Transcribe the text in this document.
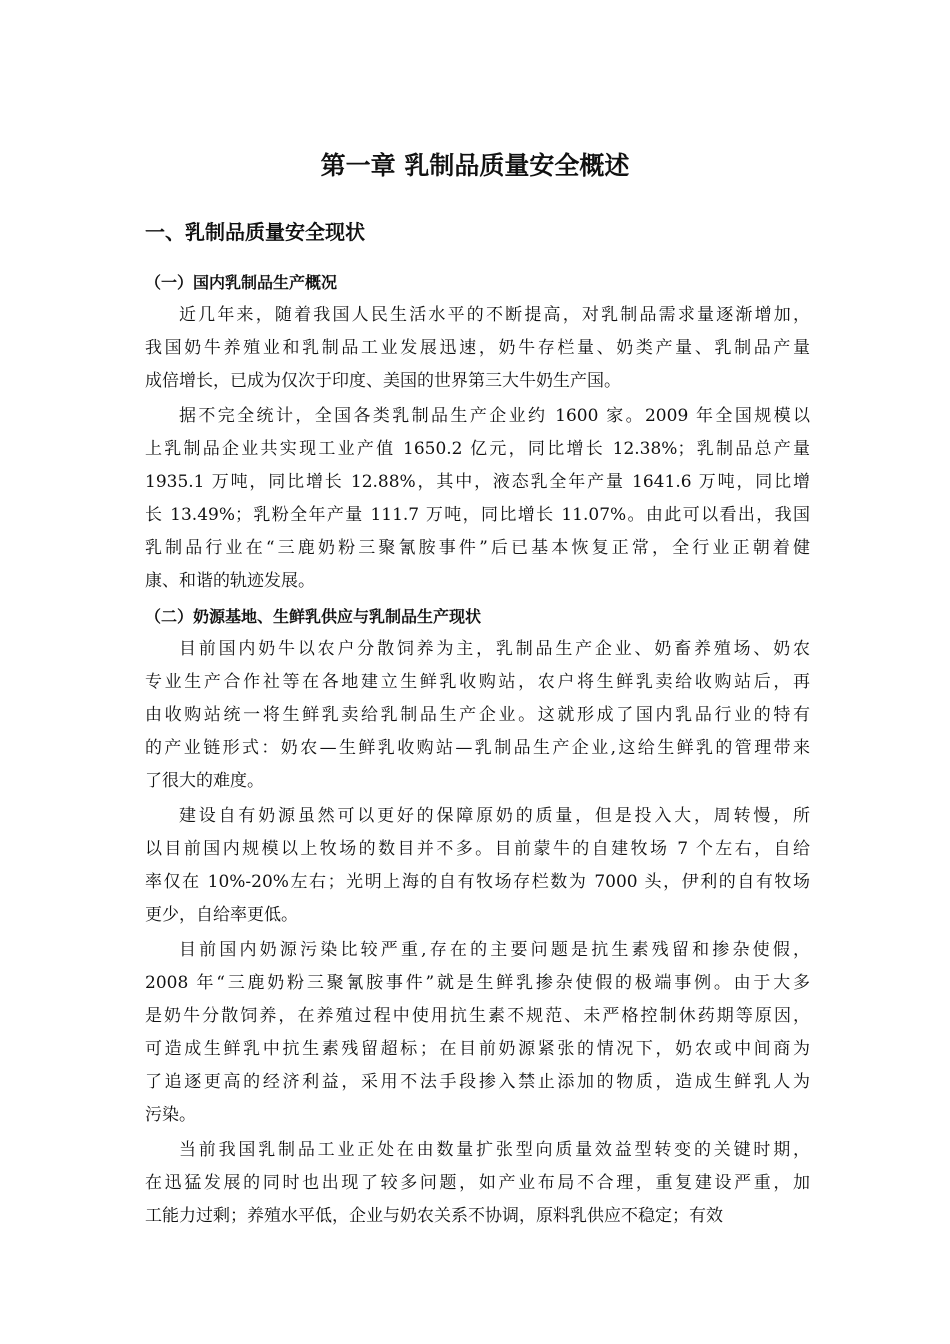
第一章 乳制品质量安全概述
一、乳制品质量安全现状
（一）国内乳制品生产概况

近几年来，随着我国人民生活水平的不断提高，对乳制品需求量逐渐增加，
我国奶牛养殖业和乳制品工业发展迅速，奶牛存栏量、奶类产量、乳制品产量
成倍增长，已成为仅次于印度、美国的世界第三大牛奶生产国。

据不完全统计，全国各类乳制品生产企业约 1600 家。2009 年全国规模以
上乳制品企业共实现工业产值 1650.2 亿元，同比增长 12.38%；乳制品总产量
1935.1 万吨，同比增长 12.88%，其中，液态乳全年产量 1641.6 万吨，同比增
长 13.49%；乳粉全年产量 111.7 万吨，同比增长 11.07%。由此可以看出，我国
乳制品行业在“三鹿奶粉三聚氰胺事件”后已基本恢复正常，全行业正朝着健
康、和谐的轨迹发展。

（二）奶源基地、生鲜乳供应与乳制品生产现状

目前国内奶牛以农户分散饲养为主，乳制品生产企业、奶畜养殖场、奶农
专业生产合作社等在各地建立生鲜乳收购站，农户将生鲜乳卖给收购站后，再
由收购站统一将生鲜乳卖给乳制品生产企业。这就形成了国内乳品行业的特有
的产业链形式：奶农—生鲜乳收购站—乳制品生产企业,这给生鲜乳的管理带来
了很大的难度。

建设自有奶源虽然可以更好的保障原奶的质量，但是投入大，周转慢，所
以目前国内规模以上牧场的数目并不多。目前蒙牛的自建牧场 7 个左右，自给
率仅在 10%-20%左右；光明上海的自有牧场存栏数为 7000 头，伊利的自有牧场
更少，自给率更低。

目前国内奶源污染比较严重,存在的主要问题是抗生素残留和掺杂使假，
2008 年“三鹿奶粉三聚氰胺事件”就是生鲜乳掺杂使假的极端事例。由于大多
是奶牛分散饲养，在养殖过程中使用抗生素不规范、未严格控制休药期等原因，
可造成生鲜乳中抗生素残留超标；在目前奶源紧张的情况下，奶农或中间商为
了追逐更高的经济利益，采用不法手段掺入禁止添加的物质，造成生鲜乳人为
污染。

当前我国乳制品工业正处在由数量扩张型向质量效益型转变的关键时期，
在迅猛发展的同时也出现了较多问题，如产业布局不合理，重复建设严重，加
工能力过剩；养殖水平低，企业与奶农关系不协调，原料乳供应不稳定；有效
